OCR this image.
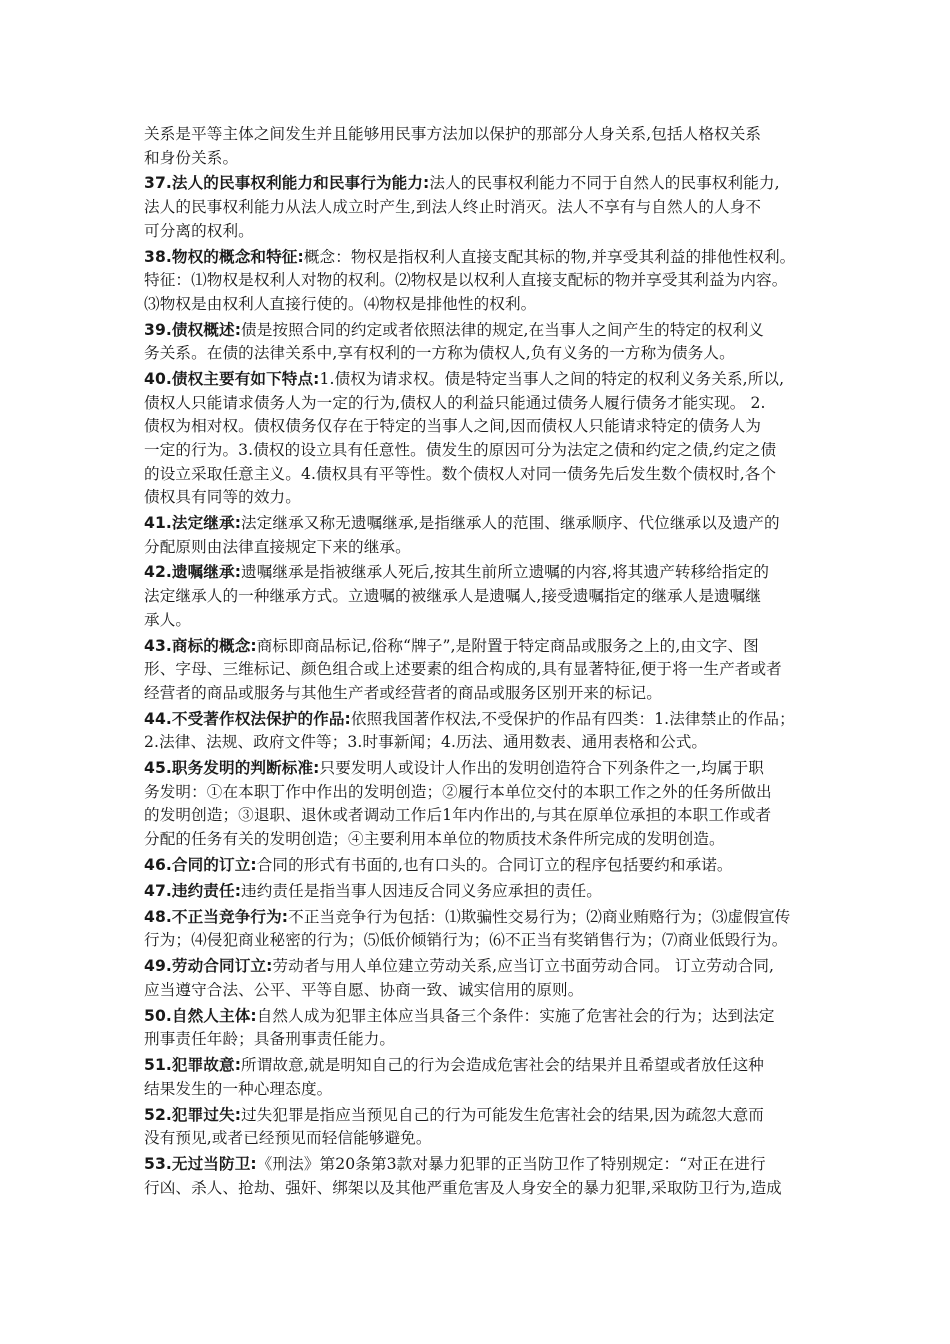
关系是平等主体之间发生并且能够用民事方法加以保护的那部分人身关系,包括人格权关系
和身份关系。
37.法人的民事权利能力和民事行为能力:法人的民事权利能力不同于自然人的民事权利能力,
法人的民事权利能力从法人成立时产生,到法人终止时消灭。法人不享有与自然人的人身不
可分离的权利。
38.物权的概念和特征:概念：物权是指权利人直接支配其标的物,并享受其利益的排他性权利。
特征：⑴物权是权利人对物的权利。⑵物权是以权利人直接支配标的物并享受其利益为内容。
⑶物权是由权利人直接行使的。⑷物权是排他性的权利。
39.债权概述:债是按照合同的约定或者依照法律的规定,在当事人之间产生的特定的权利义
务关系。在债的法律关系中,享有权利的一方称为债权人,负有义务的一方称为债务人。
40.债权主要有如下特点:1.债权为请求权。债是特定当事人之间的特定的权利义务关系,所以,
债权人只能请求债务人为一定的行为,债权人的利益只能通过债务人履行债务才能实现。 2.
债权为相对权。债权债务仅存在于特定的当事人之间,因而债权人只能请求特定的债务人为
一定的行为。3.债权的设立具有任意性。债发生的原因可分为法定之债和约定之债,约定之债
的设立采取任意主义。4.债权具有平等性。数个债权人对同一债务先后发生数个债权时,各个
债权具有同等的效力。
41.法定继承:法定继承又称无遗嘱继承,是指继承人的范围、继承顺序、代位继承以及遗产的
分配原则由法律直接规定下来的继承。
42.遗嘱继承:遗嘱继承是指被继承人死后,按其生前所立遗嘱的内容,将其遗产转移给指定的
法定继承人的一种继承方式。立遗嘱的被继承人是遗嘱人,接受遗嘱指定的继承人是遗嘱继
承人。
43.商标的概念:商标即商品标记,俗称“牌子”,是附置于特定商品或服务之上的,由文字、图
形、字母、三维标记、颜色组合或上述要素的组合构成的,具有显著特征,便于将一生产者或者
经营者的商品或服务与其他生产者或经营者的商品或服务区别开来的标记。
44.不受著作权法保护的作品:依照我国著作权法,不受保护的作品有四类：1.法律禁止的作品；
2.法律、法规、政府文件等；3.时事新闻；4.历法、通用数表、通用表格和公式。
45.职务发明的判断标准:只要发明人或设计人作出的发明创造符合下列条件之一,均属于职
务发明：①在本职丁作中作出的发明创造；②履行本单位交付的本职工作之外的任务所做出
的发明创造；③退职、退休或者调动工作后1年内作出的,与其在原单位承担的本职工作或者
分配的任务有关的发明创造；④主要利用本单位的物质技术条件所完成的发明创造。
46.合同的订立:合同的形式有书面的,也有口头的。合同订立的程序包括要约和承诺。
47.违约责任:违约责任是指当事人因违反合同义务应承担的责任。
48.不正当竞争行为:不正当竞争行为包括：⑴欺骗性交易行为；⑵商业贿赂行为；⑶虚假宣传
行为；⑷侵犯商业秘密的行为；⑸低价倾销行为；⑹不正当有奖销售行为；⑺商业低毁行为。
49.劳动合同订立:劳动者与用人单位建立劳动关系,应当订立书面劳动合同。 订立劳动合同,
应当遵守合法、公平、平等自愿、协商一致、诚实信用的原则。
50.自然人主体:自然人成为犯罪主体应当具备三个条件：实施了危害社会的行为；达到法定
刑事责任年龄；具备刑事责任能力。
51.犯罪故意:所谓故意,就是明知自己的行为会造成危害社会的结果并且希望或者放任这种
结果发生的一种心理态度。
52.犯罪过失:过失犯罪是指应当预见自己的行为可能发生危害社会的结果,因为疏忽大意而
没有预见,或者已经预见而轻信能够避免。
53.无过当防卫:《刑法》第20条第3款对暴力犯罪的正当防卫作了特别规定：“对正在进行
行凶、杀人、抢劫、强奸、绑架以及其他严重危害及人身安全的暴力犯罪,采取防卫行为,造成
